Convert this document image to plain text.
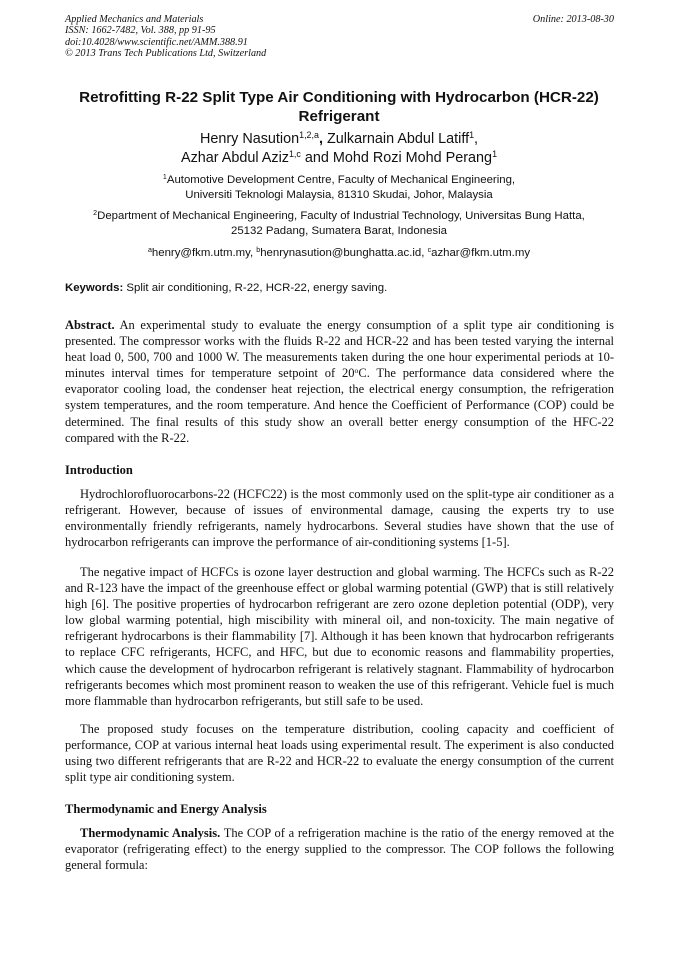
Applied Mechanics and Materials
ISSN: 1662-7482, Vol. 388, pp 91-95
doi:10.4028/www.scientific.net/AMM.388.91
© 2013 Trans Tech Publications Ltd, Switzerland
Online: 2013-08-30
Retrofitting R-22 Split Type Air Conditioning with Hydrocarbon (HCR-22) Refrigerant
Henry Nasution$^{1,2,a}$, Zulkarnain Abdul Latiff$^1$,
Azhar Abdul Aziz$^{1,c}$ and Mohd Rozi Mohd Perang$^1$
$^1$Automotive Development Centre, Faculty of Mechanical Engineering,
Universiti Teknologi Malaysia, 81310 Skudai, Johor, Malaysia
$^2$Department of Mechanical Engineering, Faculty of Industrial Technology, Universitas Bung Hatta,
25132 Padang, Sumatera Barat, Indonesia
$^a$henry@fkm.utm.my, $^b$henrynasution@bunghatta.ac.id, $^c$azhar@fkm.utm.my
Keywords: Split air conditioning, R-22, HCR-22, energy saving.
Abstract. An experimental study to evaluate the energy consumption of a split type air conditioning is presented. The compressor works with the fluids R-22 and HCR-22 and has been tested varying the internal heat load 0, 500, 700 and 1000 W. The measurements taken during the one hour experimental periods at 10-minutes interval times for temperature setpoint of 20$^o$C. The performance data considered where the evaporator cooling load, the condenser heat rejection, the electrical energy consumption, the refrigeration system temperatures, and the room temperature. And hence the Coefficient of Performance (COP) could be determined. The final results of this study show an overall better energy consumption of the HFC-22 compared with the R-22.
Introduction
Hydrochlorofluorocarbons-22 (HCFC22) is the most commonly used on the split-type air conditioner as a refrigerant. However, because of issues of environmental damage, causing the experts try to use environmentally friendly refrigerants, namely hydrocarbons. Several studies have shown that the use of hydrocarbon refrigerants can improve the performance of air-conditioning systems [1-5].
The negative impact of HCFCs is ozone layer destruction and global warming. The HCFCs such as R-22 and R-123 have the impact of the greenhouse effect or global warming potential (GWP) that is still relatively high [6]. The positive properties of hydrocarbon refrigerant are zero ozone depletion potential (ODP), very low global warming potential, high miscibility with mineral oil, and non-toxicity. The main negative of refrigerant hydrocarbons is their flammability [7]. Although it has been known that hydrocarbon refrigerants to replace CFC refrigerants, HCFC, and HFC, but due to economic reasons and flammability properties, which cause the development of hydrocarbon refrigerant is relatively stagnant. Flammability of hydrocarbon refrigerants becomes which most prominent reason to weaken the use of this refrigerant. Vehicle fuel is much more flammable than hydrocarbon refrigerants, but still safe to be used.
The proposed study focuses on the temperature distribution, cooling capacity and coefficient of performance, COP at various internal heat loads using experimental result. The experiment is also conducted using two different refrigerants that are R-22 and HCR-22 to evaluate the energy consumption of the current split type air conditioning system.
Thermodynamic and Energy Analysis
Thermodynamic Analysis. The COP of a refrigeration machine is the ratio of the energy removed at the evaporator (refrigerating effect) to the energy supplied to the compressor. The COP follows the following general formula:
